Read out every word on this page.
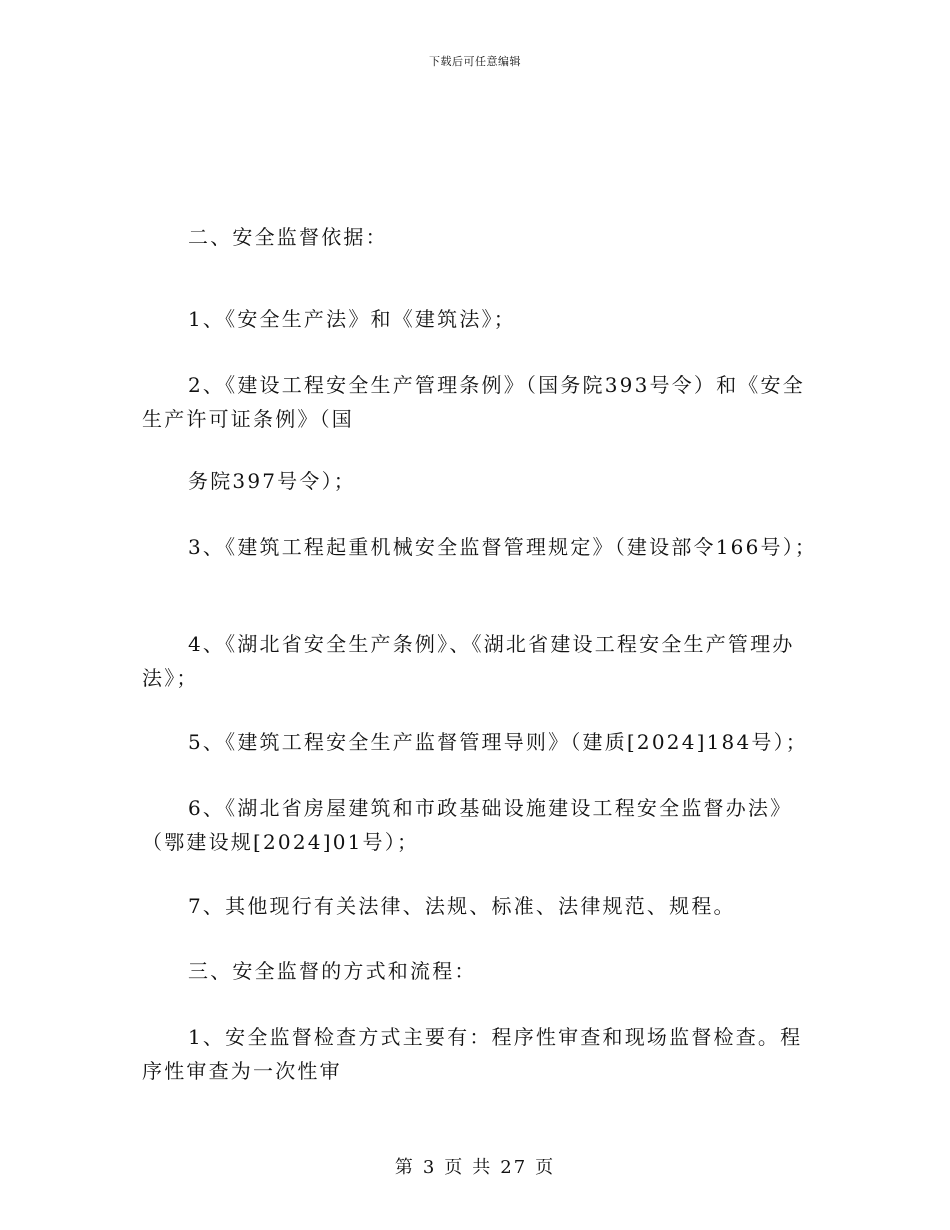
下载后可任意编辑

二、安全监督依据：

1、《安全生产法》和《建筑法》；

2、《建设工程安全生产管理条例》（国务院393号令）和《安全生产许可证条例》（国

务院397号令）；

3、《建筑工程起重机械安全监督管理规定》（建设部令166号）；

4、《湖北省安全生产条例》、《湖北省建设工程安全生产管理办法》；

5、《建筑工程安全生产监督管理导则》（建质[2024]184号）；

6、《湖北省房屋建筑和市政基础设施建设工程安全监督办法》（鄂建设规[2024]01号）；

7、其他现行有关法律、法规、标准、法律规范、规程。

三、安全监督的方式和流程：

1、安全监督检查方式主要有：程序性审查和现场监督检查。程序性审查为一次性审

第 3 页 共 27 页
